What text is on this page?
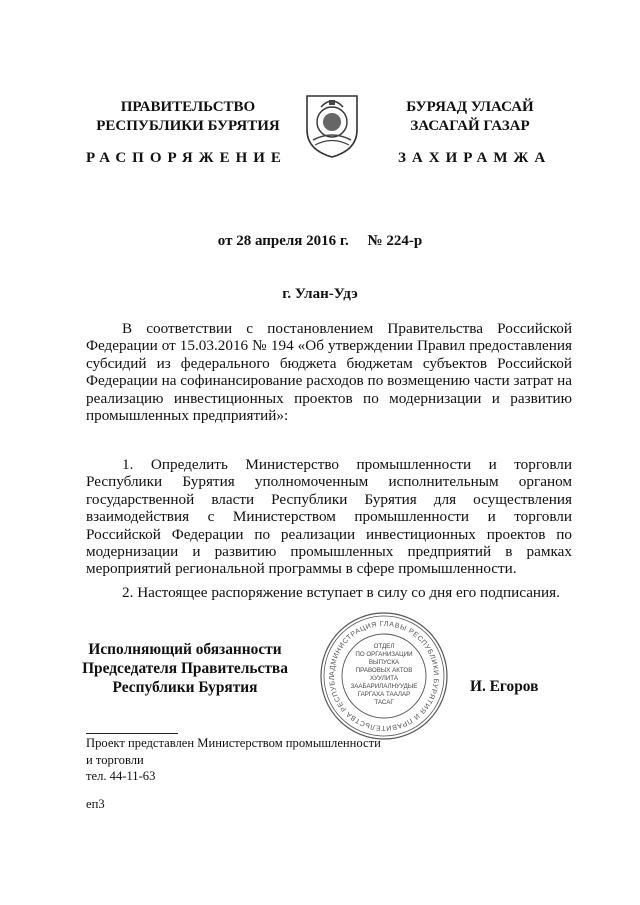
ПРАВИТЕЛЬСТВО
РЕСПУБЛИКИ БУРЯТИЯ
БУРЯАД УЛАСАЙ
ЗАСАГАЙ ГАЗАР
РАСПОРЯЖЕНИЕ	ЗАХИРАМЖА
от 28 апреля 2016 г.     № 224-р
г. Улан-Удэ
В соответствии с постановлением Правительства Российской Федерации от 15.03.2016 № 194 «Об утверждении Правил предоставления субсидий из федерального бюджета бюджетам субъектов Российской Федерации на софинансирование расходов по возмещению части затрат на реализацию инвестиционных проектов по модернизации и развитию промышленных предприятий»:
1. Определить Министерство промышленности и торговли Республики Бурятия уполномоченным исполнительным органом государственной власти Республики Бурятия для осуществления взаимодействия с Министерством промышленности и торговли Российской Федерации по реализации инвестиционных проектов по модернизации и развитию промышленных предприятий в рамках мероприятий региональной программы в сфере промышленности.
2. Настоящее распоряжение вступает в силу со дня его подписания.
Исполняющий обязанности
Председателя Правительства
Республики Бурятия
АДМИНИСТРАЦИЯ ГЛАВЫ РЕСПУБЛИКИ БУРЯТИЯ И ПРАВИТЕЛЬСТВА РЕСПУБЛ
ОТДЕЛ
ПО ОРГАНИЗАЦИИ
ВЫПУСКА
ПРАВОВЫХ АКТОВ
ХУУЛИТА
ЗААБАРИЛАЛНУУДЫЕ
ГАРГАХА ТААЛАР
ТАСАГ
И. Егоров
Проект представлен Министерством промышленности
и торговли
тел. 44-11-63
еп3
